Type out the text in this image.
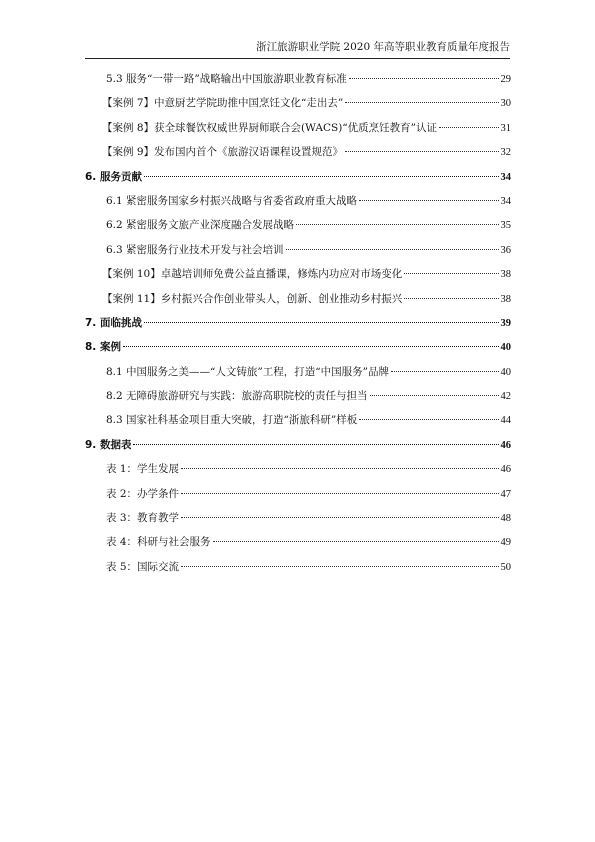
浙江旅游职业学院 2020 年高等职业教育质量年度报告
5.3 服务“一带一路”战略输出中国旅游职业教育标准	29
【案例 7】中意厨艺学院助推中国烹饪文化“走出去”	30
【案例 8】获全球餐饮权威世界厨师联合会(WACS)“优质烹饪教育”认证	31
【案例 9】发布国内首个《旅游汉语课程设置规范》	32
6. 服务贡献	34
6.1 紧密服务国家乡村振兴战略与省委省政府重大战略	34
6.2 紧密服务文旅产业深度融合发展战略	35
6.3 紧密服务行业技术开发与社会培训	36
【案例 10】卓越培训师免费公益直播课，修炼内功应对市场变化	38
【案例 11】乡村振兴合作创业带头人，创新、创业推动乡村振兴	38
7. 面临挑战	39
8. 案例	40
8.1 中国服务之美——“人文铸旅”工程，打造“中国服务”品牌	40
8.2 无障碍旅游研究与实践：旅游高职院校的责任与担当	42
8.3 国家社科基金项目重大突破，打造“浙旅科研”样板	44
9. 数据表	46
表 1：学生发展	46
表 2：办学条件	47
表 3：教育教学	48
表 4：科研与社会服务	49
表 5：国际交流	50
